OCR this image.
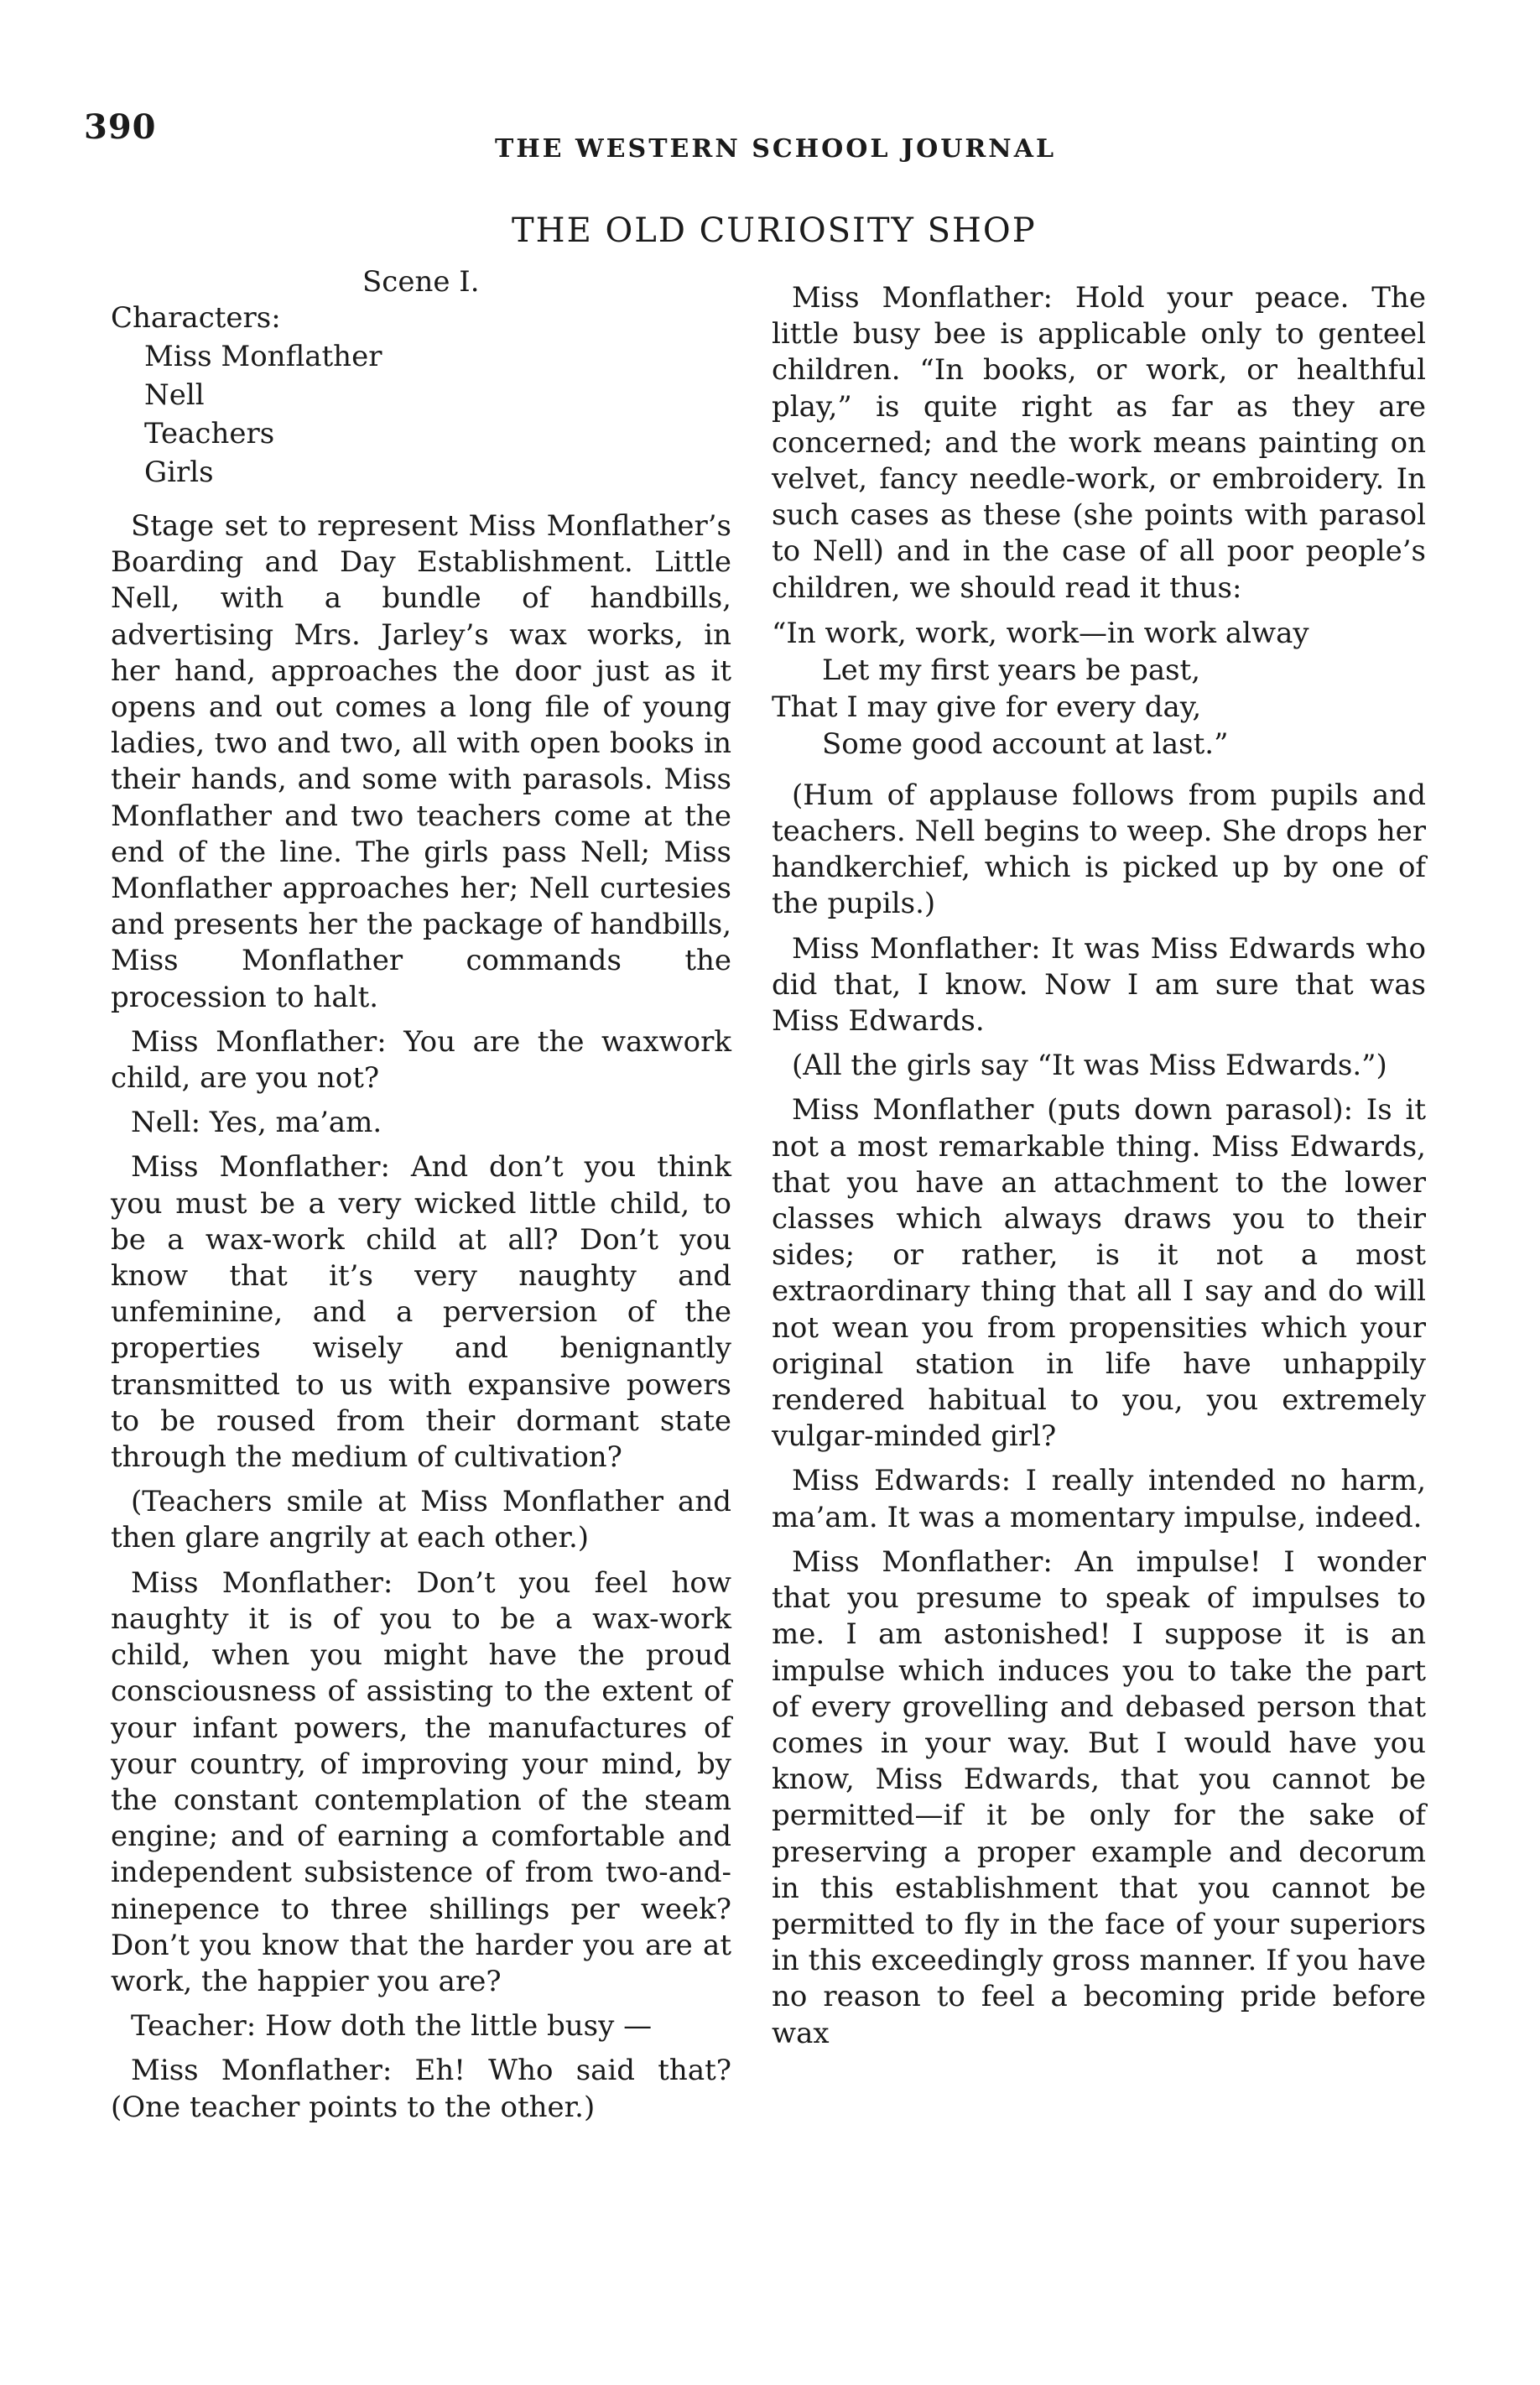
390
THE WESTERN SCHOOL JOURNAL
THE OLD CURIOSITY SHOP
Scene I.
Characters:
Miss Monflather
Nell
Teachers
Girls

Stage set to represent Miss Monflather’s Boarding and Day Establishment. Little Nell, with a bundle of handbills, advertising Mrs. Jarley’s wax works, in her hand, approaches the door just as it opens and out comes a long file of young ladies, two and two, all with open books in their hands, and some with parasols. Miss Monflather and two teachers come at the end of the line. The girls pass Nell; Miss Monflather approaches her; Nell curtesies and presents her the package of handbills, Miss Monflather commands the procession to halt.

Miss Monflather: You are the waxwork child, are you not?

Nell: Yes, ma’am.

Miss Monflather: And don’t you think you must be a very wicked little child, to be a wax-work child at all? Don’t you know that it’s very naughty and unfeminine, and a perversion of the properties wisely and benignantly transmitted to us with expansive powers to be roused from their dormant state through the medium of cultivation?

(Teachers smile at Miss Monflather and then glare angrily at each other.)

Miss Monflather: Don’t you feel how naughty it is of you to be a wax-work child, when you might have the proud consciousness of assisting to the extent of your infant powers, the manufactures of your country, of improving your mind, by the constant contemplation of the steam engine; and of earning a comfortable and independent subsistence of from two-and-ninepence to three shillings per week? Don’t you know that the harder you are at work, the happier you are?

Teacher: How doth the little busy —

Miss Monflather: Eh! Who said that? (One teacher points to the other.)

Miss Monflather: Hold your peace. The little busy bee is applicable only to genteel children. “In books, or work, or healthful play,” is quite right as far as they are concerned; and the work means painting on velvet, fancy needle-work, or embroidery. In such cases as these (she points with parasol to Nell) and in the case of all poor people’s children, we should read it thus:

“In work, work, work—in work alway
Let my first years be past,
That I may give for every day,
Some good account at last.”

(Hum of applause follows from pupils and teachers. Nell begins to weep. She drops her handkerchief, which is picked up by one of the pupils.)

Miss Monflather: It was Miss Edwards who did that, I know. Now I am sure that was Miss Edwards.

(All the girls say “It was Miss Edwards.”)

Miss Monflather (puts down parasol): Is it not a most remarkable thing. Miss Edwards, that you have an attachment to the lower classes which always draws you to their sides; or rather, is it not a most extraordinary thing that all I say and do will not wean you from propensities which your original station in life have unhappily rendered habitual to you, you extremely vulgar-minded girl?

Miss Edwards: I really intended no harm, ma’am. It was a momentary impulse, indeed.

Miss Monflather: An impulse! I wonder that you presume to speak of impulses to me. I am astonished! I suppose it is an impulse which induces you to take the part of every grovelling and debased person that comes in your way. But I would have you know, Miss Edwards, that you cannot be permitted—if it be only for the sake of preserving a proper example and decorum in this establishment that you cannot be permitted to fly in the face of your superiors in this exceedingly gross manner. If you have no reason to feel a becoming pride before wax
